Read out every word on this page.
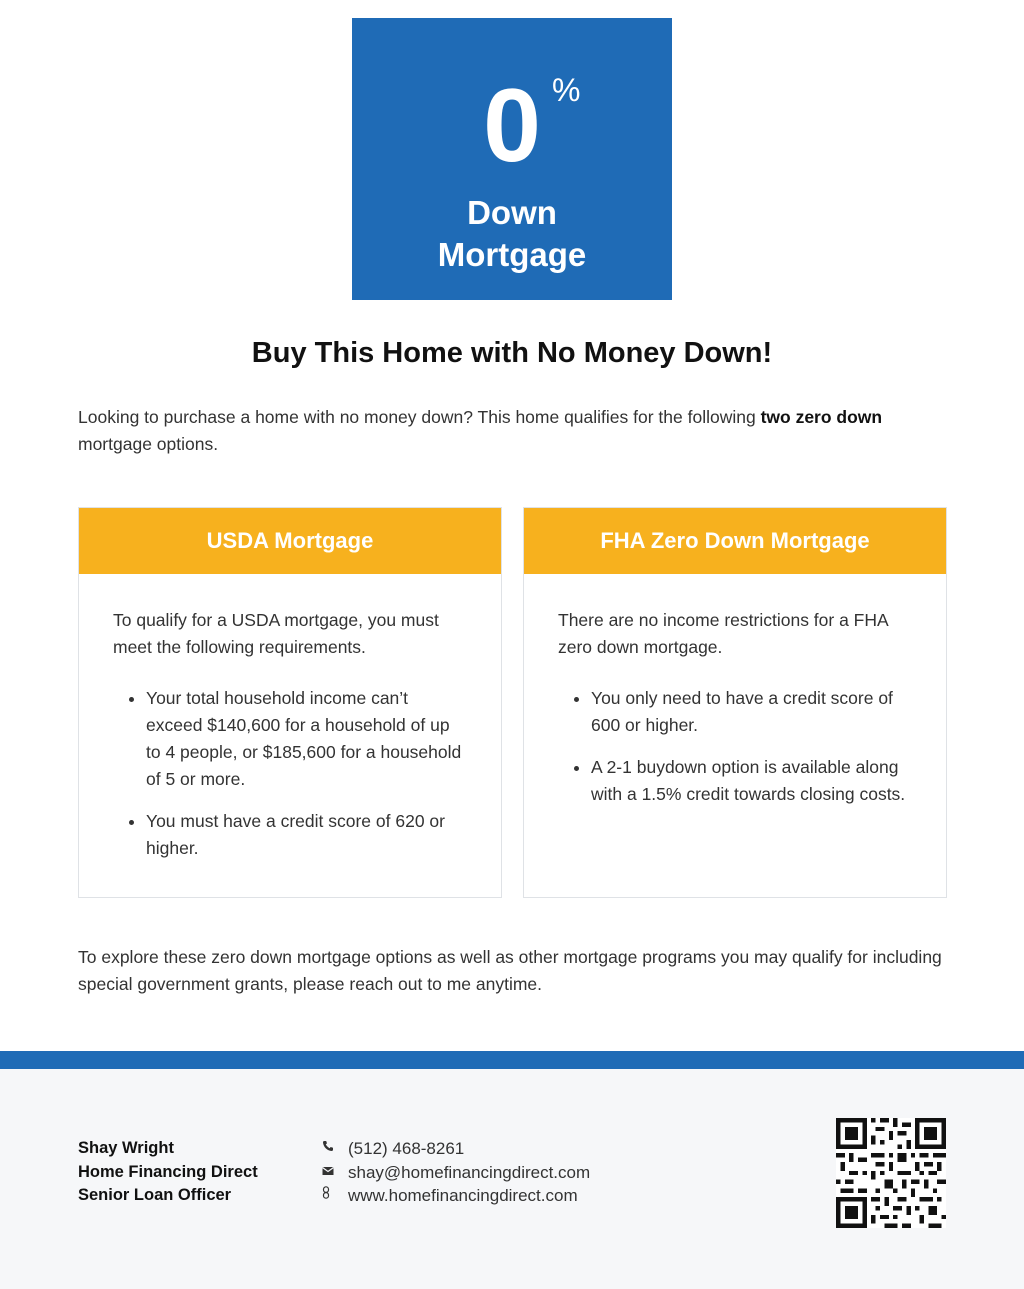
0 %
Down
Mortgage
Buy This Home with No Money Down!
Looking to purchase a home with no money down? This home qualifies for the following two zero down mortgage options.
USDA Mortgage

To qualify for a USDA mortgage, you must meet the following requirements.

• Your total household income can’t exceed $140,600 for a household of up to 4 people, or $185,600 for a household of 5 or more.
• You must have a credit score of 620 or higher.
FHA Zero Down Mortgage

There are no income restrictions for a FHA zero down mortgage.

• You only need to have a credit score of 600 or higher.
• A 2-1 buydown option is available along with a 1.5% credit towards closing costs.
To explore these zero down mortgage options as well as other mortgage programs you may qualify for including special government grants, please reach out to me anytime.
Shay Wright
Home Financing Direct
Senior Loan Officer
(512) 468-8261
shay@homefinancingdirect.com
www.homefinancingdirect.com
